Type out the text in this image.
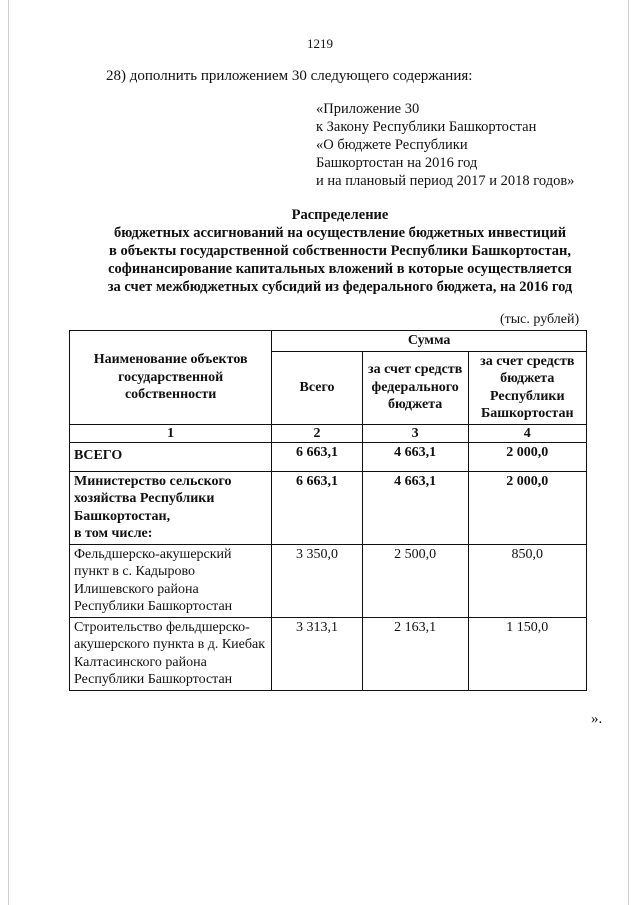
1219
28) дополнить приложением 30 следующего содержания:
«Приложение 30
к Закону Республики Башкортостан
«О бюджете Республики
Башкортостан на 2016 год
и на плановый период 2017 и 2018 годов»
Распределение
бюджетных ассигнований на осуществление бюджетных инвестиций
в объекты государственной собственности Республики Башкортостан,
софинансирование капитальных вложений в которые осуществляется
за счет межбюджетных субсидий из федерального бюджета, на 2016 год
(тыс. рублей)
Наименование объектов государственной собственности	Сумма		
	Всего	за счет средств федерального бюджета	за счет средств бюджета Республики Башкортостан
1	2	3	4
ВСЕГО	6 663,1	4 663,1	2 000,0

Министерство сельского хозяйства Республики Башкортостан,
в том числе:	6 663,1	4 663,1	2 000,0
Фельдшерско-акушерский пункт в с. Кадырово Илишевского района Республики Башкортостан	3 350,0	2 500,0	850,0
Строительство фельдшерско-акушерского пункта в д. Киебак Калтасинского района Республики Башкортостан	3 313,1	2 163,1	1 150,0
».
